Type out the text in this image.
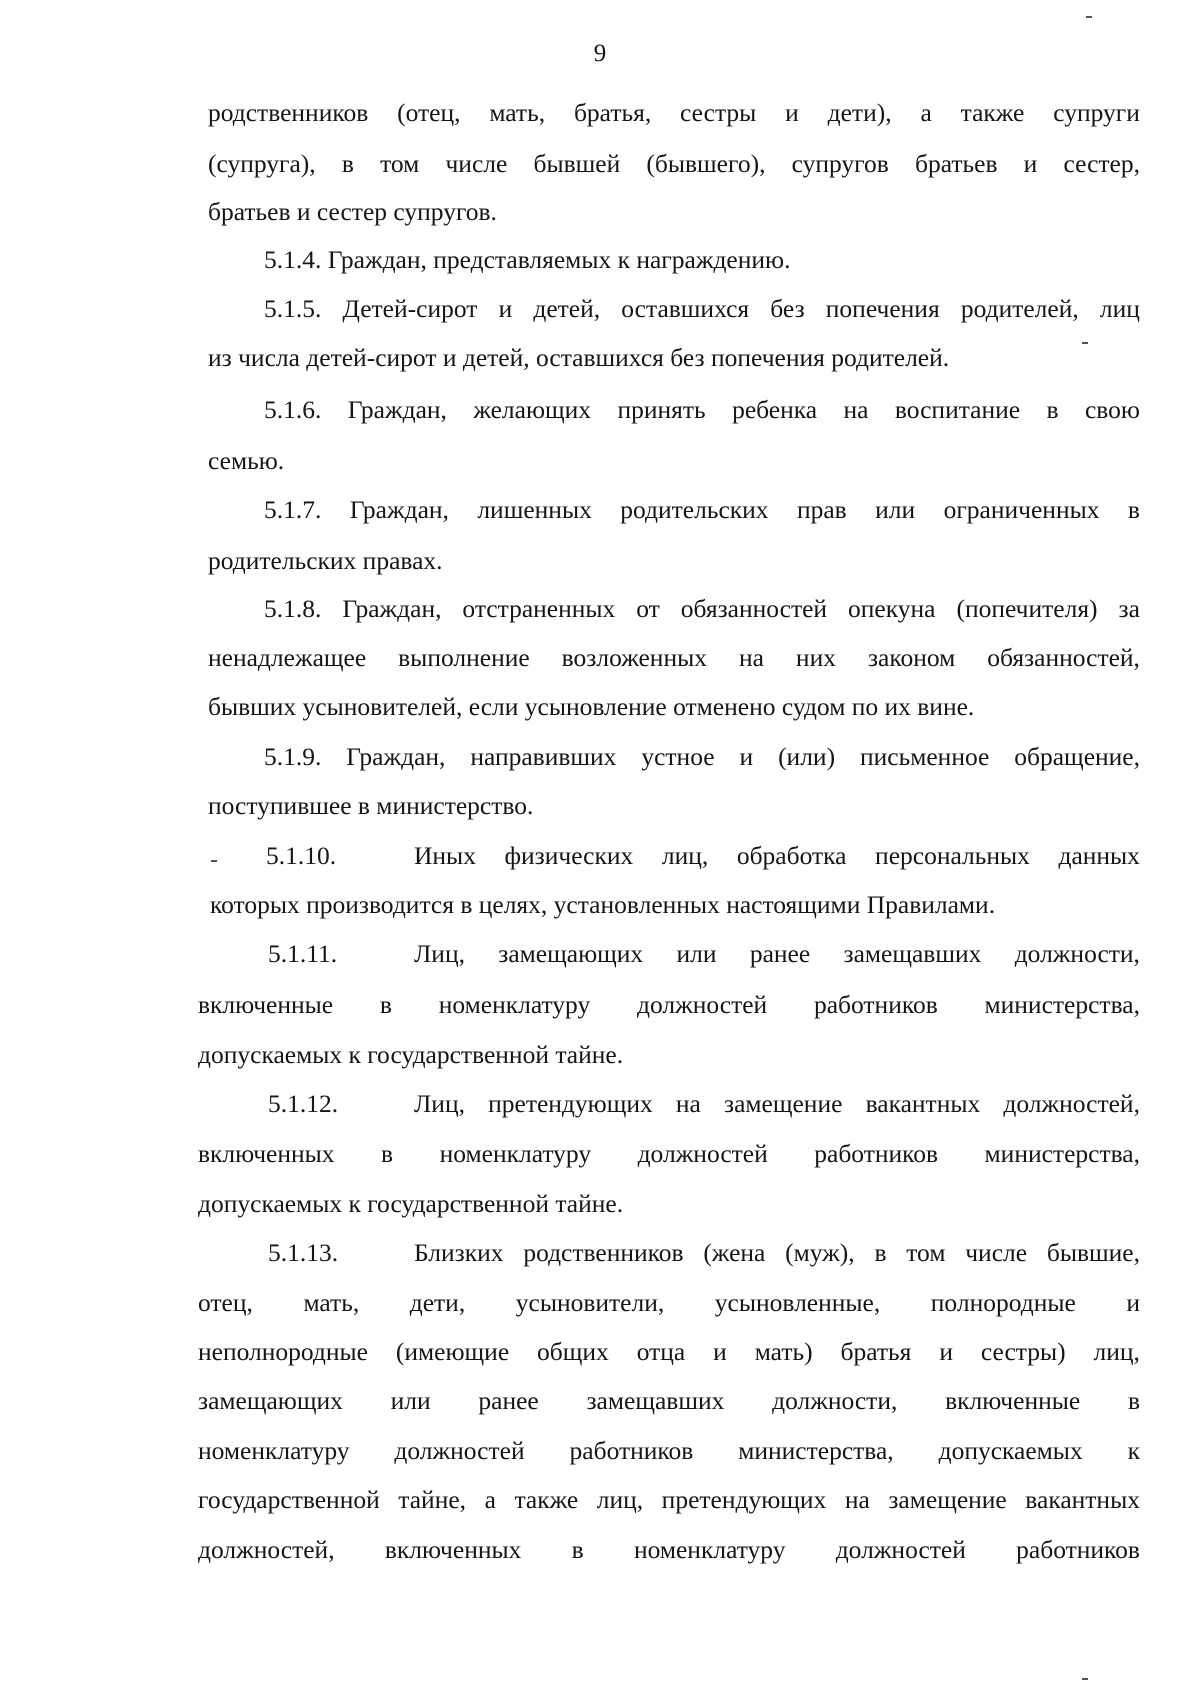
9
родственников (отец, мать, братья, сестры и дети), а также супруги
(супруга), в том числе бывшей (бывшего), супругов братьев и сестер,
братьев и сестер супругов.
5.1.4. Граждан, представляемых к награждению.
5.1.5. Детей-сирот и детей, оставшихся без попечения родителей, лиц
из числа детей-сирот и детей, оставшихся без попечения родителей.
5.1.6. Граждан, желающих принять ребенка на воспитание в свою
семью.
5.1.7. Граждан, лишенных родительских прав или ограниченных в
родительских правах.
5.1.8. Граждан, отстраненных от обязанностей опекуна (попечителя) за
ненадлежащее выполнение возложенных на них законом обязанностей,
бывших усыновителей, если усыновление отменено судом по их вине.
5.1.9. Граждан, направивших устное и (или) письменное обращение,
поступившее в министерство.
5.1.10.	Иных физических лиц, обработка персональных данных
которых производится в целях, установленных настоящими Правилами.
5.1.11.	Лиц, замещающих или ранее замещавших должности,
включенные в номенклатуру должностей работников министерства,
допускаемых к государственной тайне.
5.1.12.	Лиц, претендующих на замещение вакантных должностей,
включенных в номенклатуру должностей работников министерства,
допускаемых к государственной тайне.
5.1.13.	Близких родственников (жена (муж), в том числе бывшие,
отец, мать, дети, усыновители, усыновленные, полнородные и
неполнородные (имеющие общих отца и мать) братья и сестры) лиц,
замещающих или ранее замещавших должности, включенные в
номенклатуру должностей работников министерства, допускаемых к
государственной тайне, а также лиц, претендующих на замещение вакантных
должностей, включенных в номенклатуру должностей работников
